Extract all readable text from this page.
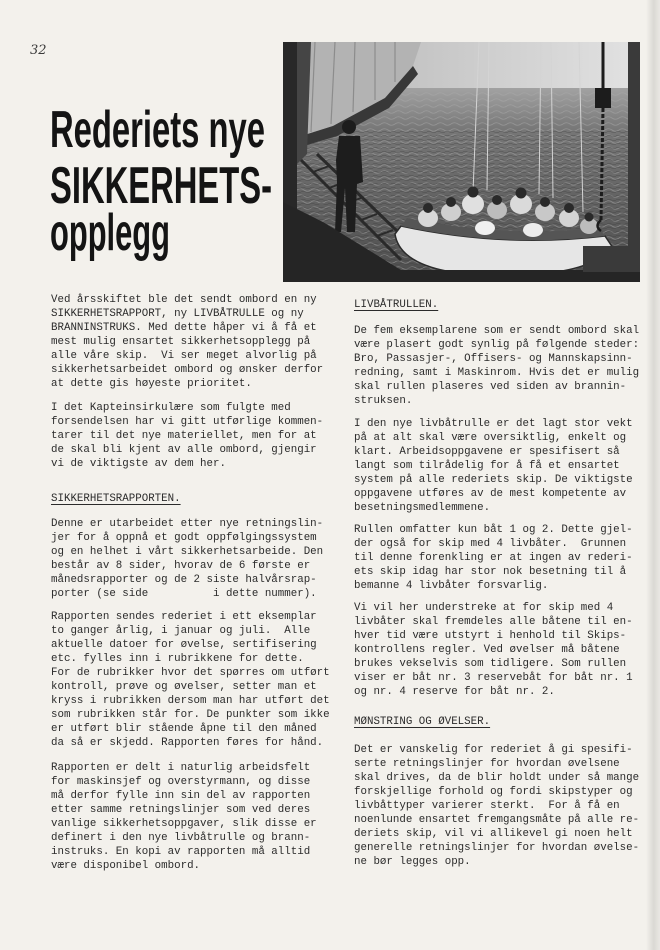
32
Rederiets nye
SIKKERHETS-
opplegg

Ved årsskiftet ble det sendt ombord en ny
SIKKERHETSRAPPORT, ny LIVBÅTRULLE og ny
BRANNINSTRUKS. Med dette håper vi å få et
mest mulig ensartet sikkerhetsopplegg på
alle våre skip.  Vi ser meget alvorlig på
sikkerhetsarbeidet ombord og ønsker derfor
at dette gis høyeste prioritet.

I det Kapteinsirkulære som fulgte med
forsendelsen har vi gitt utførlige kommen-
tarer til det nye materiellet, men for at
de skal bli kjent av alle ombord, gjengir
vi de viktigste av dem her.

SIKKERHETSRAPPORTEN.

Denne er utarbeidet etter nye retningslin-
jer for å oppnå et godt oppfølgingssystem
og en helhet i vårt sikkerhetsarbeide. Den
består av 8 sider, hvorav de 6 første er
månedsrapporter og de 2 siste halvårsrap-
porter (se side          i dette nummer).

Rapporten sendes rederiet i ett eksemplar
to ganger årlig, i januar og juli.  Alle
aktuelle datoer for øvelse, sertifisering
etc. fylles inn i rubrikkene for dette.
For de rubrikker hvor det spørres om utført
kontroll, prøve og øvelser, setter man et
kryss i rubrikken dersom man har utført det
som rubrikken står for. De punkter som ikke
er utført blir stående åpne til den måned
da så er skjedd. Rapporten føres for hånd.

Rapporten er delt i naturlig arbeidsfelt
for maskinsjef og overstyrmann, og disse
må derfor fylle inn sin del av rapporten
etter samme retningslinjer som ved deres
vanlige sikkerhetsoppgaver, slik disse er
definert i den nye livbåtrulle og brann-
instruks. En kopi av rapporten må alltid
være disponibel ombord.

LIVBÅTRULLEN.

De fem eksemplarene som er sendt ombord skal
være plasert godt synlig på følgende steder:
Bro, Passasjer-, Offisers- og Mannskapsinn-
redning, samt i Maskinrom. Hvis det er mulig
skal rullen plaseres ved siden av brannin-
struksen.

I den nye livbåtrulle er det lagt stor vekt
på at alt skal være oversiktlig, enkelt og
klart. Arbeidsoppgavene er spesifisert så
langt som tilrådelig for å få et ensartet
system på alle rederiets skip. De viktigste
oppgavene utføres av de mest kompetente av
besetningsmedlemmene.

Rullen omfatter kun båt 1 og 2. Dette gjel-
der også for skip med 4 livbåter.  Grunnen
til denne forenkling er at ingen av rederi-
ets skip idag har stor nok besetning til å
bemanne 4 livbåter forsvarlig.

Vi vil her understreke at for skip med 4
livbåter skal fremdeles alle båtene til en-
hver tid være utstyrt i henhold til Skips-
kontrollens regler. Ved øvelser må båtene
brukes vekselvis som tidligere. Som rullen
viser er båt nr. 3 reservebåt for båt nr. 1
og nr. 4 reserve for båt nr. 2.

MØNSTRING OG ØVELSER.

Det er vanskelig for rederiet å gi spesifi-
serte retningslinjer for hvordan øvelsene
skal drives, da de blir holdt under så mange
forskjellige forhold og fordi skipstyper og
livbåttyper varierer sterkt.  For å få en
noenlunde ensartet fremgangsmåte på alle re-
deriets skip, vil vi allikevel gi noen helt
generelle retningslinjer for hvordan øvelse-
ne bør legges opp.
